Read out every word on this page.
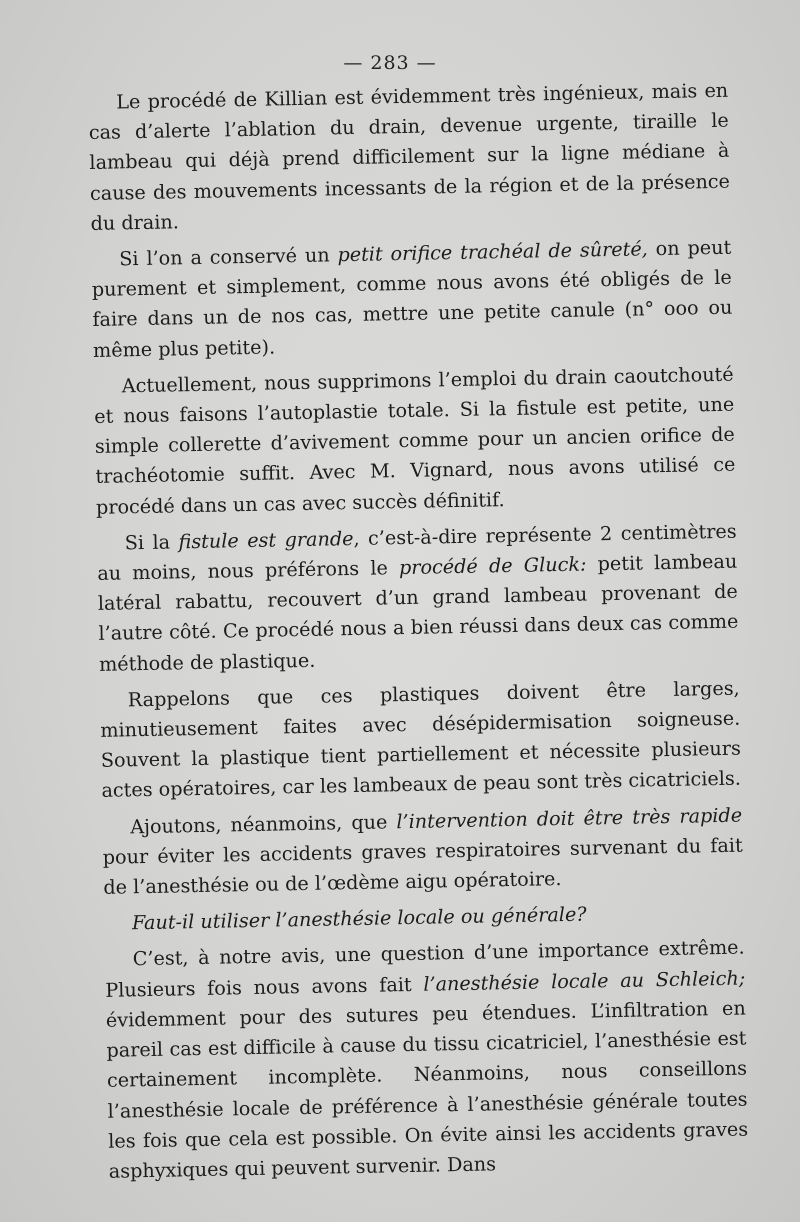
— 283 —

Le procédé de Killian est évidemment très ingénieux, mais en cas d’alerte l’ablation du drain, devenue urgente, tiraille le lambeau qui déjà prend difficilement sur la ligne médiane à cause des mouvements incessants de la région et de la présence du drain.

Si l’on a conservé un petit orifice trachéal de sûreté, on peut purement et simplement, comme nous avons été obligés de le faire dans un de nos cas, mettre une petite canule (n° ooo ou même plus petite).

Actuellement, nous supprimons l’emploi du drain caoutchouté et nous faisons l’autoplastie totale. Si la fistule est petite, une simple collerette d’avivement comme pour un ancien orifice de trachéotomie suffit. Avec M. Vignard, nous avons utilisé ce procédé dans un cas avec succès définitif.

Si la fistule est grande, c’est-à-dire représente 2 centimètres au moins, nous préférons le procédé de Gluck: petit lambeau latéral rabattu, recouvert d’un grand lambeau provenant de l’autre côté. Ce procédé nous a bien réussi dans deux cas comme méthode de plastique.

Rappelons que ces plastiques doivent être larges, minutieusement faites avec désépidermisation soigneuse. Souvent la plastique tient partiellement et nécessite plusieurs actes opératoires, car les lambeaux de peau sont très cicatriciels.

Ajoutons, néanmoins, que l’intervention doit être très rapide pour éviter les accidents graves respiratoires survenant du fait de l’anesthésie ou de l’œdème aigu opératoire.

Faut-il utiliser l’anesthésie locale ou générale?

C’est, à notre avis, une question d’une importance extrême. Plusieurs fois nous avons fait l’anesthésie locale au Schleich; évidemment pour des sutures peu étendues. L’infiltration en pareil cas est difficile à cause du tissu cicatriciel, l’anesthésie est certainement incomplète. Néanmoins, nous conseillons l’anesthésie locale de préférence à l’anesthésie générale toutes les fois que cela est possible. On évite ainsi les accidents graves asphyxiques qui peuvent survenir. Dans
